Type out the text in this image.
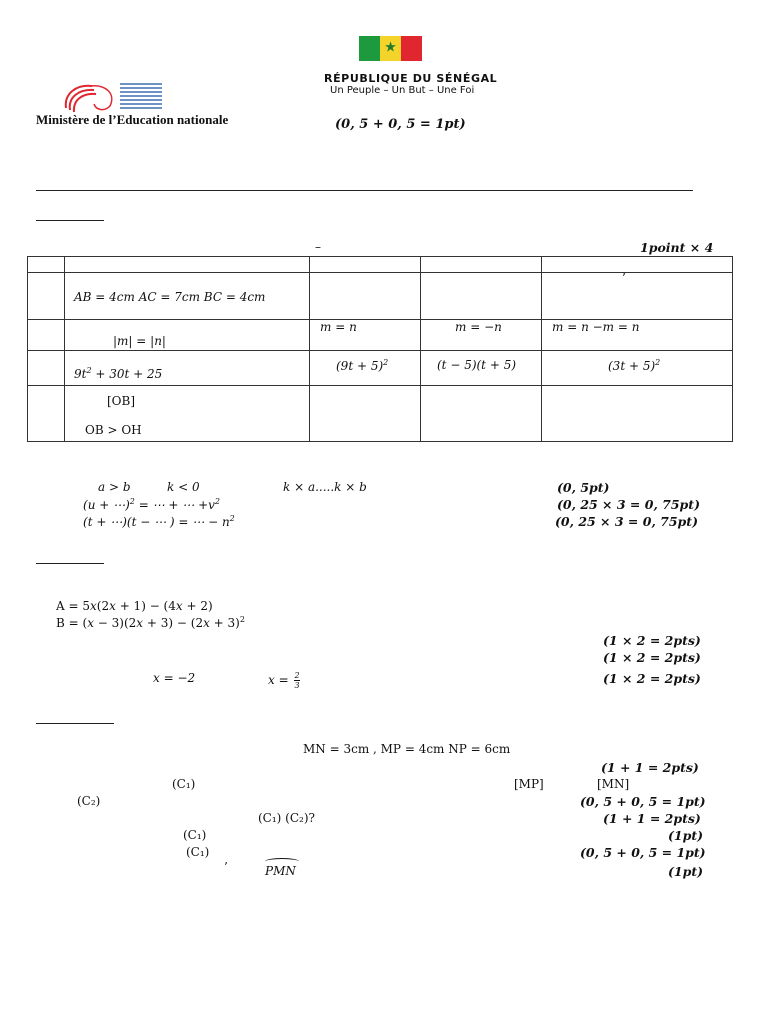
★
RÉPUBLIQUE DU SÉNÉGAL
Un Peuple – Un But – Une Foi
Ministère de l’Education nationale	(0, 5 + 0, 5 = 1pt)
–	1point × 4

	AB = 4cm AC = 7cm BC = 4cm			’

	|m| = |n|	m = n	m = −n	m = n −m = n

	$9t^2 + 30t + 25$	$(9t + 5)^2$	(t − 5)(t + 5)	$(3t + 5)^2$

	[OB]
OB > OH			

a > b	k < 0	k × a.....k × b	(0, 5pt)
(u + ⋯)$^2$ = ⋯ + ⋯ $+v^2$	(0, 25 × 3 = 0, 75pt)
(t + ⋯)(t − ⋯ ) = ⋯ − $n^2$	(0, 25 × 3 = 0, 75pt)
A = 5x(2x + 1) − (4x + 2)
$B = (x - 3)(2x + 3) - (2x + 3)^2$
(1 × 2 = 2pts)
(1 × 2 = 2pts)
x = −2	$x = \frac{2}{3}$	(1 × 2 = 2pts)
MN = 3cm , MP = 4cm NP = 6cm
(1 + 1 = 2pts)
(C₁)	[MP]	[MN]
(C₂)	(0, 5 + 0, 5 = 1pt)
(C₁) (C₂)?	(1 + 1 = 2pts)
(C₁)	(1pt)
(C₁)	(0, 5 + 0, 5 = 1pt)
’	PMN	(1pt)
